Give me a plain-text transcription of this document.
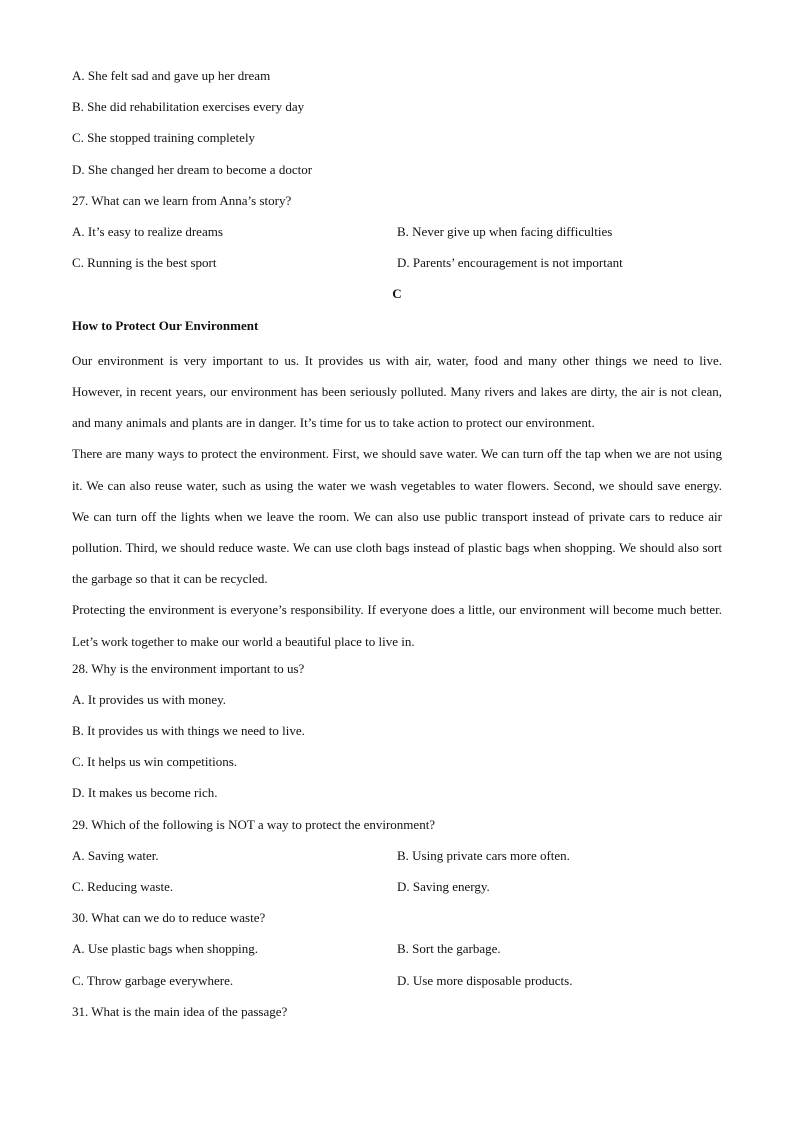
A. She felt sad and gave up her dream
B. She did rehabilitation exercises every day
C. She stopped training completely
D. She changed her dream to become a doctor
27. What can we learn from Anna’s story?
A. It’s easy to realize dreams	B. Never give up when facing difficulties
C. Running is the best sport	D. Parents’ encouragement is not important
C
How to Protect Our Environment
Our environment is very important to us. It provides us with air, water, food and many other things we need to live. However, in recent years, our environment has been seriously polluted. Many rivers and lakes are dirty, the air is not clean, and many animals and plants are in danger. It’s time for us to take action to protect our environment.
There are many ways to protect the environment. First, we should save water. We can turn off the tap when we are not using it. We can also reuse water, such as using the water we wash vegetables to water flowers. Second, we should save energy. We can turn off the lights when we leave the room. We can also use public transport instead of private cars to reduce air pollution. Third, we should reduce waste. We can use cloth bags instead of plastic bags when shopping. We should also sort the garbage so that it can be recycled.
Protecting the environment is everyone’s responsibility. If everyone does a little, our environment will become much better. Let’s work together to make our world a beautiful place to live in.
28. Why is the environment important to us?
A. It provides us with money.
B. It provides us with things we need to live.
C. It helps us win competitions.
D. It makes us become rich.
29. Which of the following is NOT a way to protect the environment?
A. Saving water.	B. Using private cars more often.
C. Reducing waste.	D. Saving energy.
30. What can we do to reduce waste?
A. Use plastic bags when shopping.	B. Sort the garbage.
C. Throw garbage everywhere.	D. Use more disposable products.
31. What is the main idea of the passage?
